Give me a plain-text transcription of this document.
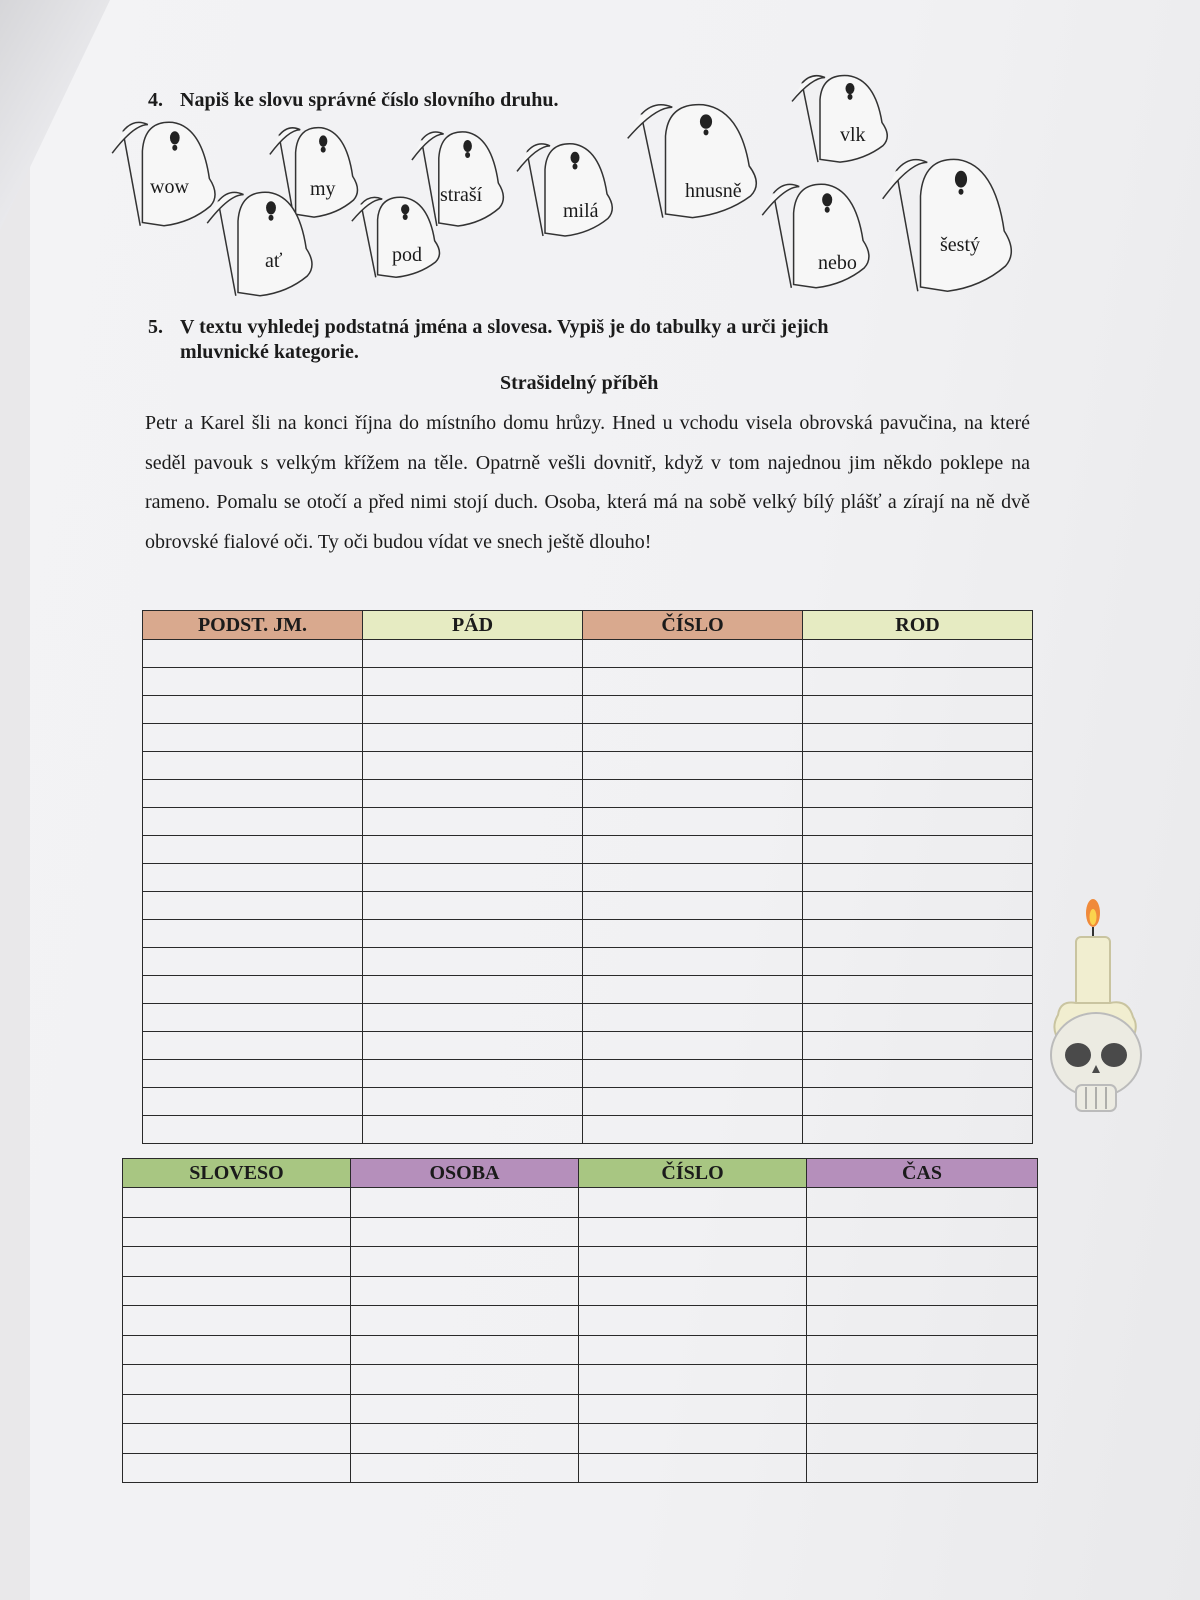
4. Napiš ke slovu správné číslo slovního druhu.
wow	my
ať	pod
straší
milá
hnusně
vlk
nebo
šestý
5. V textu vyhledej podstatná jména a slovesa. Vypiš je do tabulky a urči jejich
mluvnické kategorie.
Strašidelný příběh
Petr a Karel šli na konci října do místního domu hrůzy. Hned u vchodu visela obrovská pavučina, na které seděl pavouk s velkým křížem na těle. Opatrně vešli dovnitř, když v tom najednou jim někdo poklepe na rameno. Pomalu se otočí a před nimi stojí duch. Osoba, která má na sobě velký bílý plášť a zírají na ně dvě obrovské fialové oči. Ty oči budou vídat ve snech ještě dlouho!
PODST. JM.	PÁD	ČÍSLO	ROD

SLOVESO	OSOBA	ČÍSLO	ČAS
